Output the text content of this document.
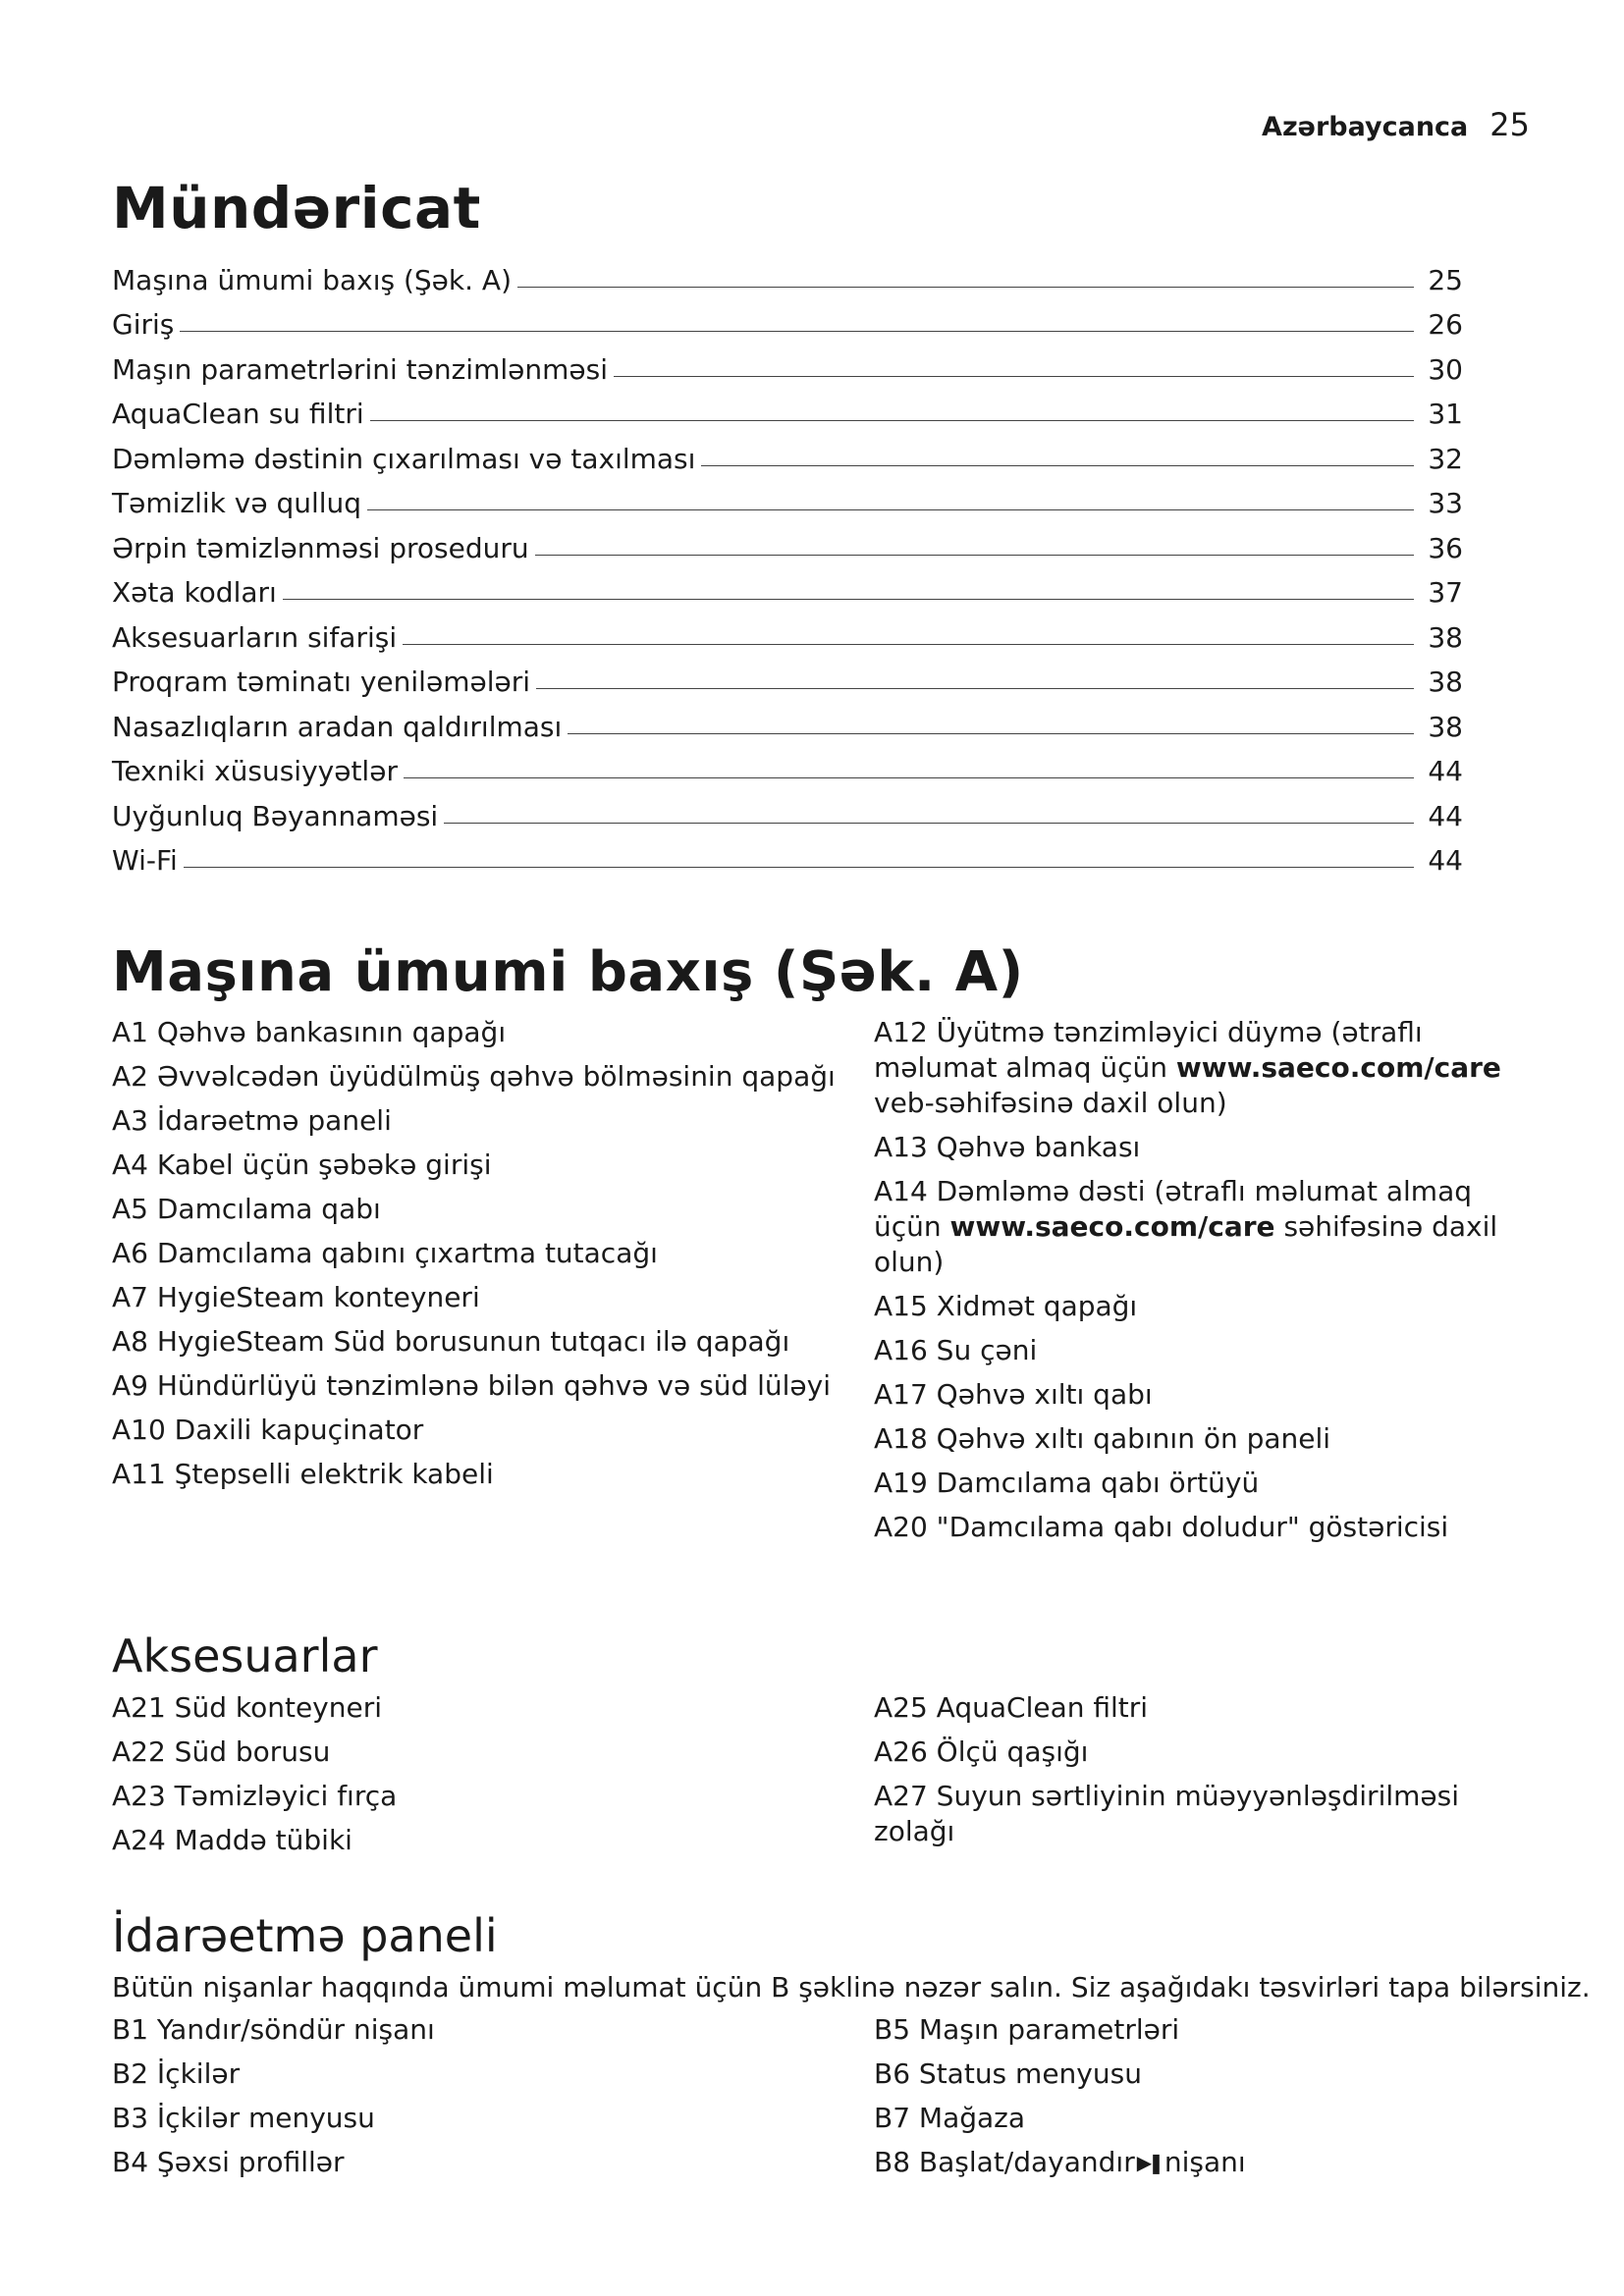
Azərbaycanca 25
Mündəricat
Maşına ümumi baxış (Şək. A)	25
Giriş	26
Maşın parametrlərini tənzimlənməsi	30
AquaClean su filtri	31
Dəmləmə dəstinin çıxarılması və taxılması	32
Təmizlik və qulluq	33
Ərpin təmizlənməsi proseduru	36
Xəta kodları	37
Aksesuarların sifarişi	38
Proqram təminatı yeniləmələri	38
Nasazlıqların aradan qaldırılması	38
Texniki xüsusiyyətlər	44
Uyğunluq Bəyannaməsi	44
Wi-Fi	44
Maşına ümumi baxış (Şək. A)
A1 Qəhvə bankasının qapağı
A2 Əvvəlcədən üyüdülmüş qəhvə bölməsinin qapağı
A3 İdarəetmə paneli
A4 Kabel üçün şəbəkə girişi
A5 Damcılama qabı
A6 Damcılama qabını çıxartma tutacağı
A7 HygieSteam konteyneri
A8 HygieSteam Süd borusunun tutqacı ilə qapağı
A9 Hündürlüyü tənzimlənə bilən qəhvə və süd lüləyi
A10 Daxili kapuçinator
A11 Ştepselli elektrik kabeli
A12 Üyütmə tənzimləyici düymə (ətraflı məlumat almaq üçün www.saeco.com/care veb-səhifəsinə daxil olun)
A13 Qəhvə bankası
A14 Dəmləmə dəsti (ətraflı məlumat almaq üçün www.saeco.com/care səhifəsinə daxil olun)
A15 Xidmət qapağı
A16 Su çəni
A17 Qəhvə xıltı qabı
A18 Qəhvə xıltı qabının ön paneli
A19 Damcılama qabı örtüyü
A20 "Damcılama qabı doludur" göstəricisi
Aksesuarlar
A21 Süd konteyneri
A22 Süd borusu
A23 Təmizləyici fırça
A24 Maddə tübiki
A25 AquaClean filtri
A26 Ölçü qaşığı
A27 Suyun sərtliyinin müəyyənləşdirilməsi zolağı
İdarəetmə paneli
Bütün nişanlar haqqında ümumi məlumat üçün B şəklinə nəzər salın. Siz aşağıdakı təsvirləri tapa bilərsiniz.
B1 Yandır/söndür nişanı
B2 İçkilər
B3 İçkilər menyusu
B4 Şəxsi profillər
B5 Maşın parametrləri
B6 Status menyusu
B7 Mağaza
B8 Başlat/dayandır ▶❚ nişanı
